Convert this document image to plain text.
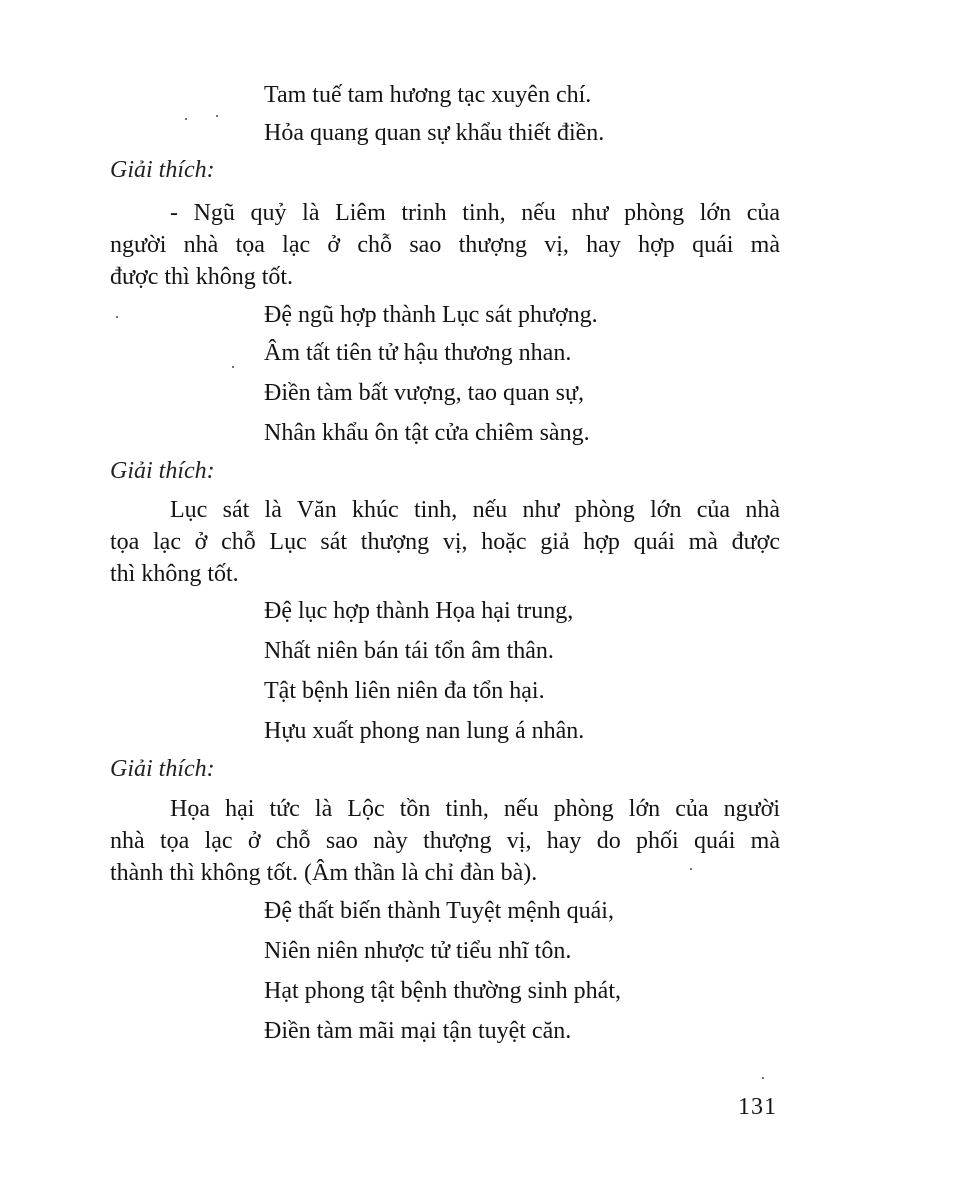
Tam tuế tam hương tạc xuyên chí.
Hỏa quang quan sự khẩu thiết điền.
Giải thích:
- Ngũ quỷ là Liêm trinh tinh, nếu như phòng lớn của
người nhà tọa lạc ở chỗ sao thượng vị, hay hợp quái mà
được thì không tốt.
Đệ ngũ hợp thành Lục sát phượng.
Âm tất tiên tử hậu thương nhan.
Điền tàm bất vượng, tao quan sự,
Nhân khẩu ôn tật cửa chiêm sàng.
Giải thích:
Lục sát là Văn khúc tinh, nếu như phòng lớn của nhà
tọa lạc ở chỗ Lục sát thượng vị, hoặc giả hợp quái mà được
thì không tốt.
Đệ lục hợp thành Họa hại trung,
Nhất niên bán tái tổn âm thân.
Tật bệnh liên niên đa tổn hại.
Hựu xuất phong nan lung á nhân.
Giải thích:
Họa hại tức là Lộc tồn tinh, nếu phòng lớn của người
nhà tọa lạc ở chỗ sao này thượng vị, hay do phối quái mà
thành thì không tốt. (Âm thần là chỉ đàn bà).
Đệ thất biến thành Tuyệt mệnh quái,
Niên niên nhược tử tiểu nhĩ tôn.
Hạt phong tật bệnh thường sinh phát,
Điền tàm mãi mại tận tuyệt căn.
131
